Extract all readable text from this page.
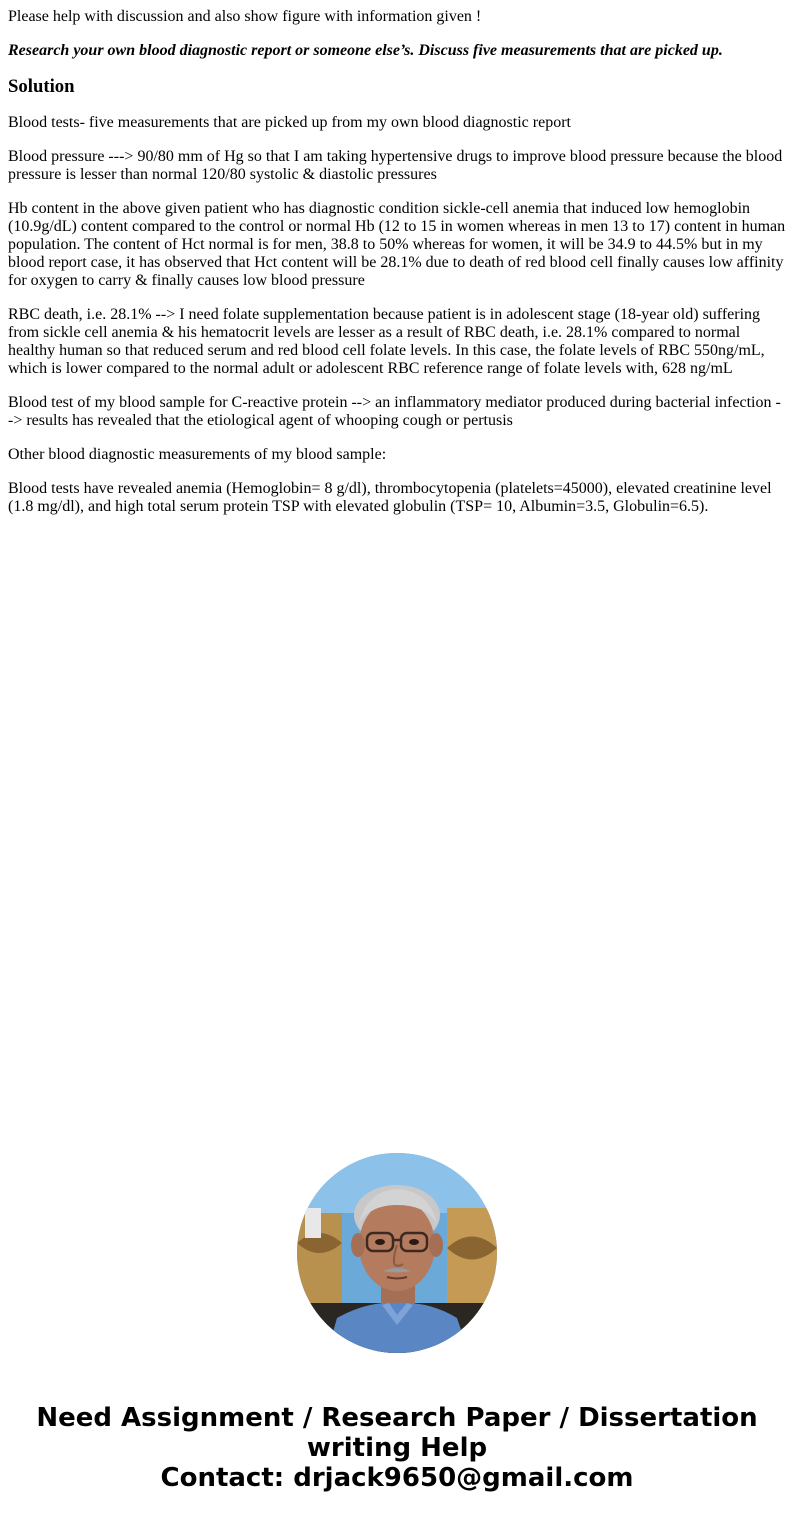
Please help with discussion and also show figure with information given !

Research your own blood diagnostic report or someone else’s. Discuss five measurements that are picked up.

Solution

Blood tests- five measurements that are picked up from my own blood diagnostic report

Blood pressure ---> 90/80 mm of Hg so that I am taking hypertensive drugs to improve blood pressure because the blood pressure is lesser than normal 120/80 systolic & diastolic pressures

Hb content in the above given patient who has diagnostic condition sickle-cell anemia that induced low hemoglobin (10.9g/dL) content compared to the control or normal Hb (12 to 15 in women whereas in men 13 to 17) content in human population. The content of Hct normal is for men, 38.8 to 50% whereas for women, it will be 34.9 to 44.5% but in my blood report case, it has observed that Hct content will be 28.1% due to death of red blood cell finally causes low affinity for oxygen to carry & finally causes low blood pressure

RBC death, i.e. 28.1% --> I need folate supplementation because patient is in adolescent stage (18-year old) suffering from sickle cell anemia & his hematocrit levels are lesser as a result of RBC death, i.e. 28.1% compared to normal healthy human so that reduced serum and red blood cell folate levels. In this case, the folate levels of RBC 550ng/mL, which is lower compared to the normal adult or adolescent RBC reference range of folate levels with, 628 ng/mL

Blood test of my blood sample for C-reactive protein --> an inflammatory mediator produced during bacterial infection --> results has revealed that the etiological agent of whooping cough or pertusis

Other blood diagnostic measurements of my blood sample:

Blood tests have revealed anemia (Hemoglobin= 8 g/dl), thrombocytopenia (platelets=45000), elevated creatinine level (1.8 mg/dl), and high total serum protein TSP with elevated globulin (TSP= 10, Albumin=3.5, Globulin=6.5).

Need Assignment / Research Paper / Dissertation
writing Help
Contact: drjack9650@gmail.com
